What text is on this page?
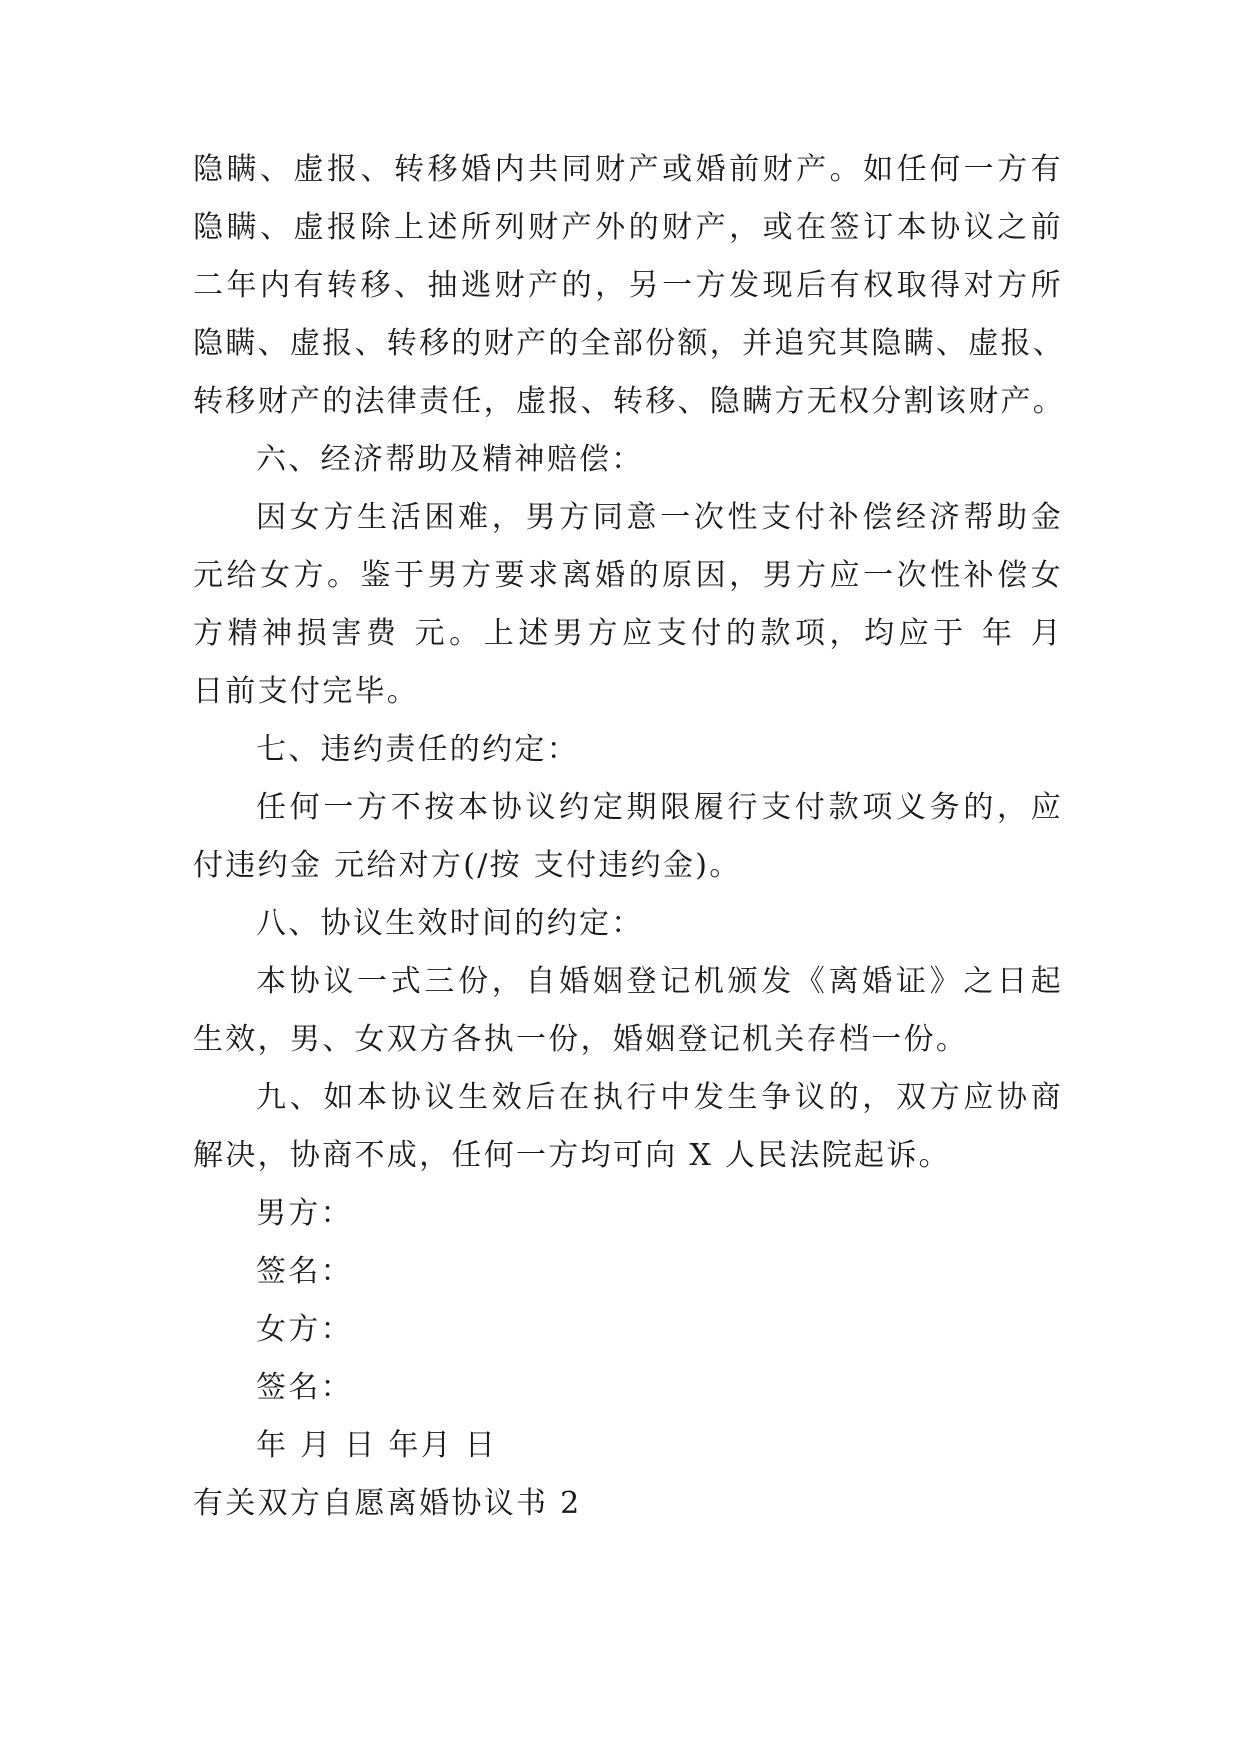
隐瞒、虚报、转移婚内共同财产或婚前财产。如任何一方有
隐瞒、虚报除上述所列财产外的财产，或在签订本协议之前
二年内有转移、抽逃财产的，另一方发现后有权取得对方所
隐瞒、虚报、转移的财产的全部份额，并追究其隐瞒、虚报、
转移财产的法律责任，虚报、转移、隐瞒方无权分割该财产。
六、经济帮助及精神赔偿：
因女方生活困难，男方同意一次性支付补偿经济帮助金
元给女方。鉴于男方要求离婚的原因，男方应一次性补偿女
方精神损害费 元。上述男方应支付的款项，均应于 年 月
日前支付完毕。
七、违约责任的约定：
任何一方不按本协议约定期限履行支付款项义务的，应
付违约金 元给对方(/按 支付违约金)。
八、协议生效时间的约定：
本协议一式三份，自婚姻登记机颁发《离婚证》之日起
生效，男、女双方各执一份，婚姻登记机关存档一份。
九、如本协议生效后在执行中发生争议的，双方应协商
解决，协商不成，任何一方均可向 X 人民法院起诉。
男方：
签名：
女方：
签名：
年 月 日 年月 日
有关双方自愿离婚协议书 2
